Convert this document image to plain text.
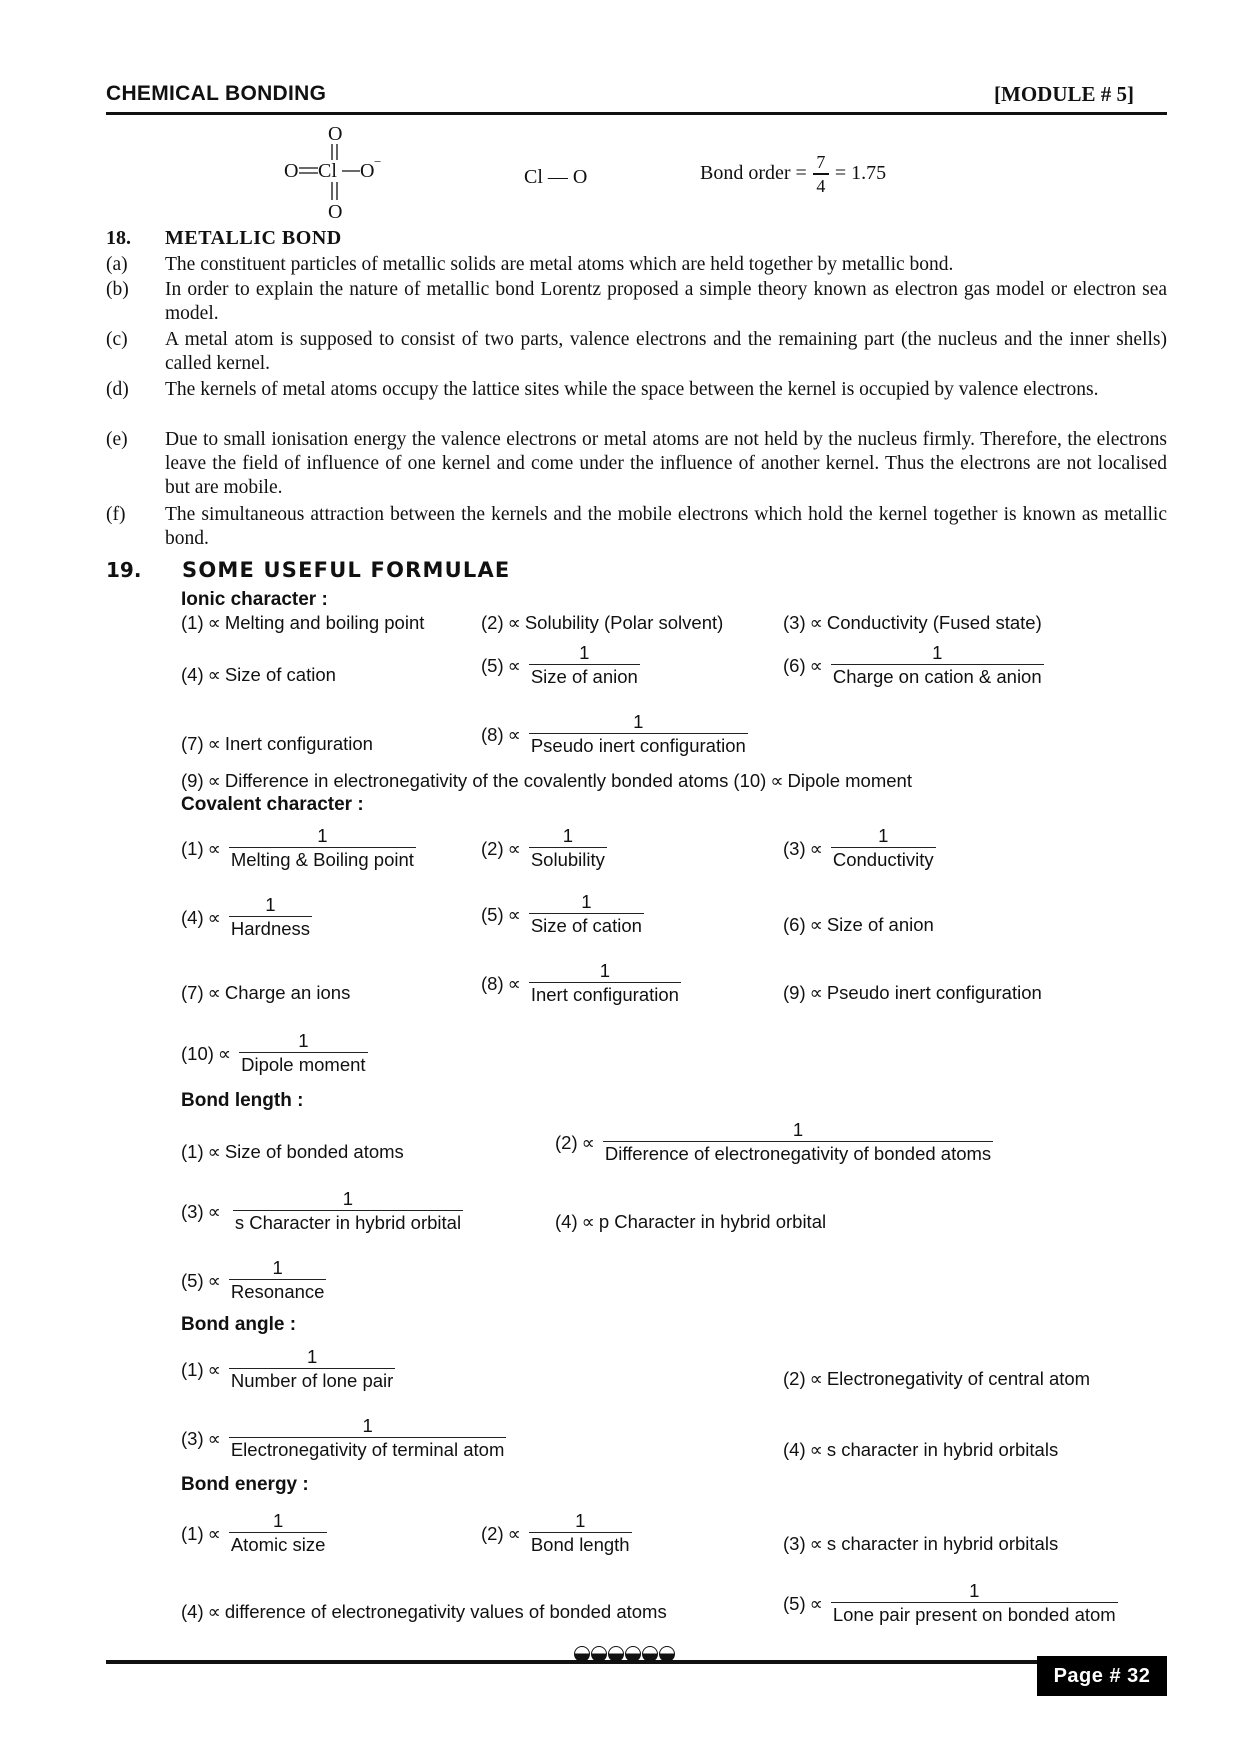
CHEMICAL BONDING	[MODULE # 5]
O
O Cl O −
O
Cl — O	Bond order = $\frac{7}{4} = 1.75$
18. METALLIC BOND
(a) The constituent particles of metallic solids are metal atoms which are held together by metallic bond.
(b) In order to explain the nature of metallic bond Lorentz proposed a simple theory known as electron gas model or electron sea model.
(c) A metal atom is supposed to consist of two parts, valence electrons and the remaining part (the nucleus and the inner shells) called kernel.
(d) The kernels of metal atoms occupy the lattice sites while the space between the kernel is occupied by valence electrons.
(e) Due to small ionisation energy the valence electrons or metal atoms are not held by the nucleus firmly. Therefore, the electrons leave the field of influence of one kernel and come under the influence of another kernel. Thus the electrons are not localised but are mobile.
(f) The simultaneous attraction between the kernels and the mobile electrons which hold the kernel together is known as metallic bond.
19. SOME USEFUL FORMULAE
Ionic character :
(1) ∝ Melting and boiling point	(2) ∝ Solubility (Polar solvent)	(3) ∝ Conductivity (Fused state)
(4) ∝ Size of cation	$(5) \propto \frac{1}{\text{Size of anion}}$	$(6) \propto \frac{1}{\text{Charge on cation \& anion}}$
(7) ∝ Inert configuration	$(8) \propto \frac{1}{\text{Pseudo inert configuration}}$
(9) ∝ Difference in electronegativity of the covalently bonded atoms (10) ∝ Dipole moment
Covalent character :
$(1) \propto \frac{1}{\text{Melting \& Boiling point}}$	$(2) \propto \frac{1}{\text{Solubility}}$	$(3) \propto \frac{1}{\text{Conductivity}}$
$(4) \propto \frac{1}{\text{Hardness}}$	$(5) \propto \frac{1}{\text{Size of cation}}$	(6) ∝ Size of anion
(7) ∝ Charge an ions	$(8) \propto \frac{1}{\text{Inert configuration}}$	(9) ∝ Pseudo inert configuration
$(10) \propto \frac{1}{\text{Dipole moment}}$
Bond length :
(1) ∝ Size of bonded atoms	$(2) \propto \frac{1}{\text{Difference of electronegativity of bonded atoms}}$
$(3) \propto \frac{1}{\text{s Character in hybrid orbital}}$	(4) ∝ p Character in hybrid orbital
$(5) \propto \frac{1}{\text{Resonance}}$
Bond angle :
$(1) \propto \frac{1}{\text{Number of lone pair}}$	(2) ∝ Electronegativity of central atom
$(3) \propto \frac{1}{\text{Electronegativity of terminal atom}}$	(4) ∝ s character in hybrid orbitals
Bond energy :
$(1) \propto \frac{1}{\text{Atomic size}}$	$(2) \propto \frac{1}{\text{Bond length}}$	(3) ∝ s character in hybrid orbitals
(4) ∝ difference of electronegativity values of bonded atoms	$(5) \propto \frac{1}{\text{Lone pair present on bonded atom}}$
Page # 32
